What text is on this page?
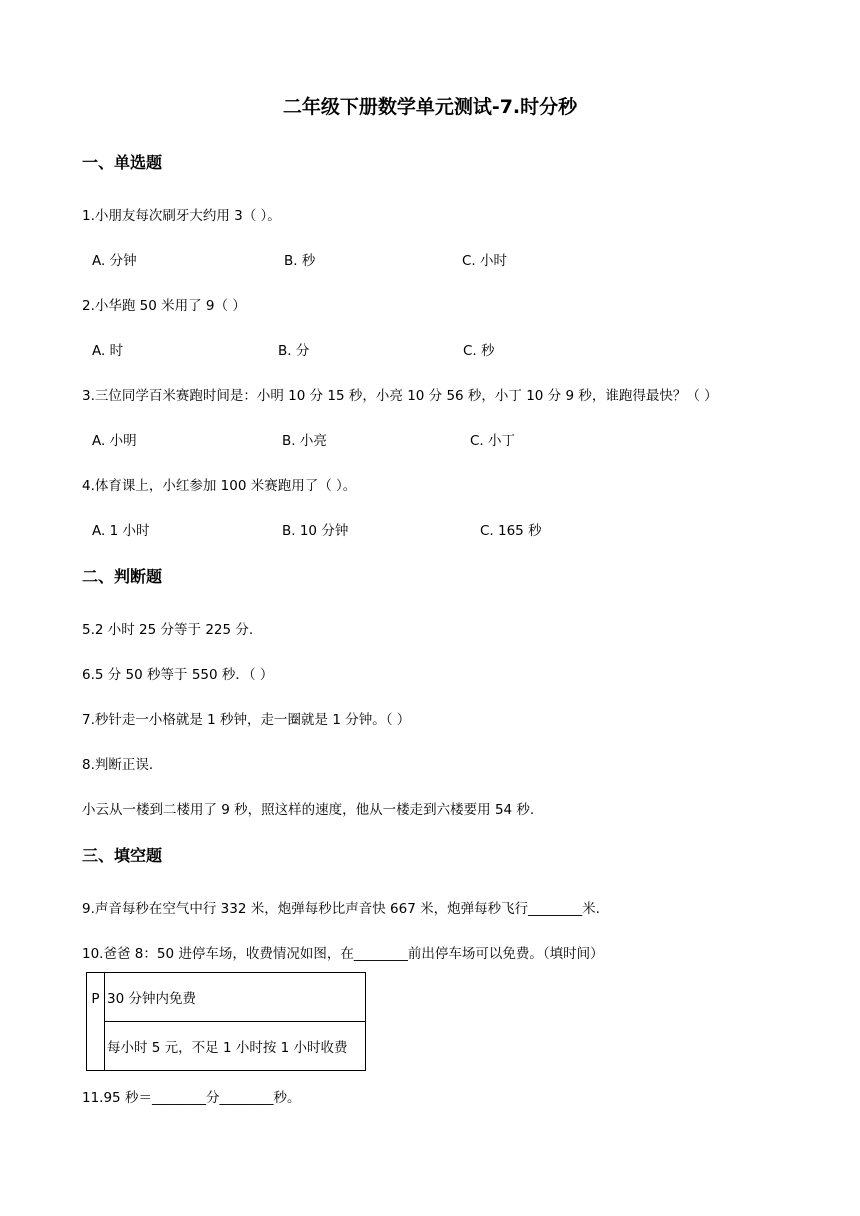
二年级下册数学单元测试-7.时分秒
一、单选题
1.小朋友每次刷牙大约用 3（ ）。
A. 分钟	B. 秒	C. 小时
2.小华跑 50 米用了 9（ ）
A. 时	B. 分	C. 秒
3.三位同学百米赛跑时间是：小明 10 分 15 秒，小亮 10 分 56 秒，小丁 10 分 9 秒，谁跑得最快？（ ）
A. 小明	B. 小亮	C. 小丁
4.体育课上，小红参加 100 米赛跑用了（ ）。
A. 1 小时	B. 10 分钟	C. 165 秒
二、判断题
5.2 小时 25 分等于 225 分.
6.5 分 50 秒等于 550 秒．（ ）
7.秒针走一小格就是 1 秒钟，走一圈就是 1 分钟。（ ）
8.判断正误.
小云从一楼到二楼用了 9 秒，照这样的速度，他从一楼走到六楼要用 54 秒.
三、填空题
9.声音每秒在空气中行 332 米，炮弹每秒比声音快 667 米，炮弹每秒飞行________米.
10.爸爸 8：50 进停车场，收费情况如图，在________前出停车场可以免费。（填时间）
P	30 分钟内免费
每小时 5 元，不足 1 小时按 1 小时收费
11.95 秒＝________分________秒。
